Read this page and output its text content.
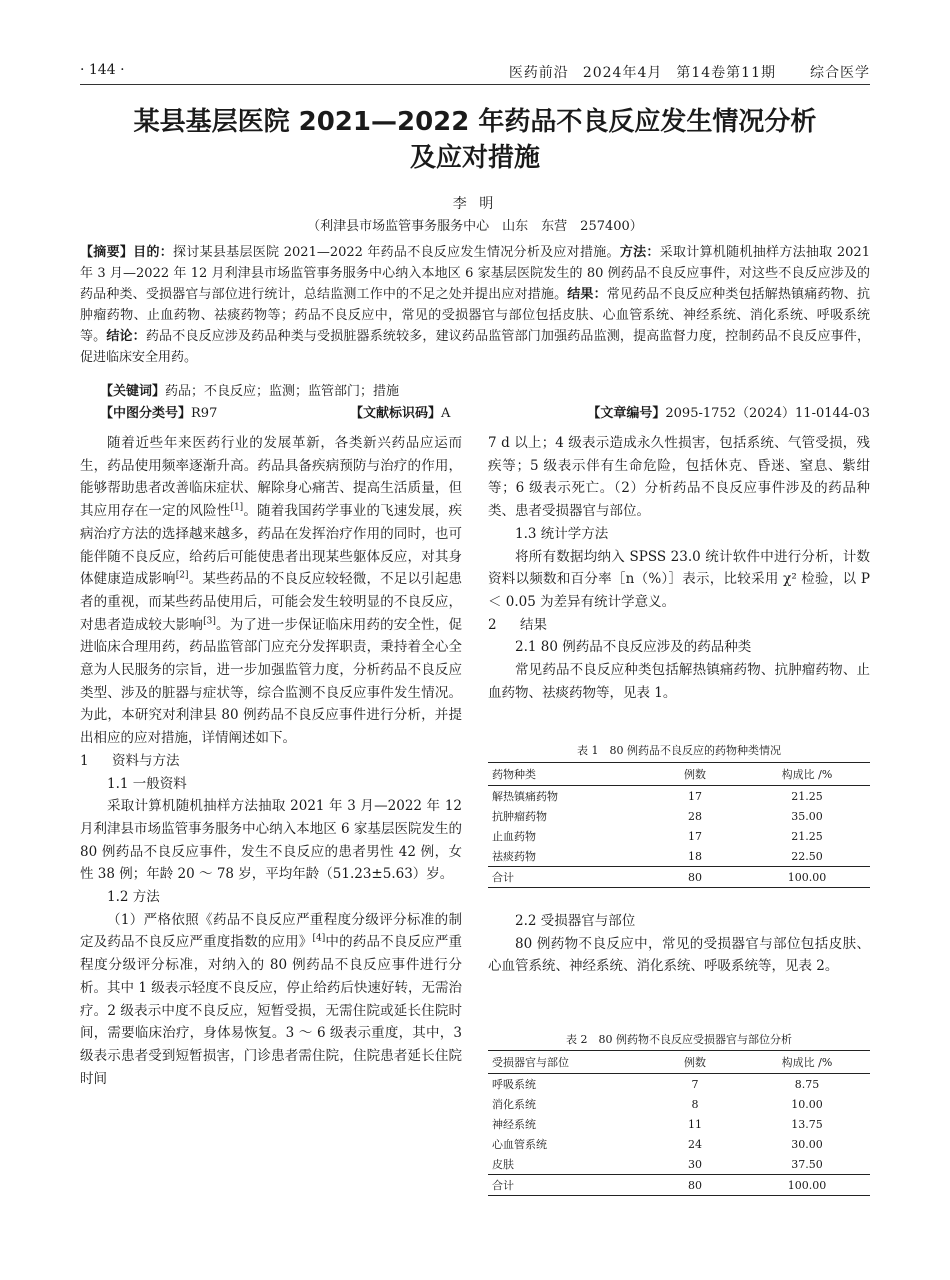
· 144 ·	医药前沿 2024年4月 第14卷第11期 综合医学
某县基层医院 2021—2022 年药品不良反应发生情况分析
及应对措施
李 明
（利津县市场监管事务服务中心　山东　东营　257400）
【摘要】目的：探讨某县基层医院 2021—2022 年药品不良反应发生情况分析及应对措施。方法：采取计算机随机抽样方法抽取 2021 年 3 月—2022 年 12 月利津县市场监管事务服务中心纳入本地区 6 家基层医院发生的 80 例药品不良反应事件，对这些不良反应涉及的药品种类、受损器官与部位进行统计，总结监测工作中的不足之处并提出应对措施。结果：常见药品不良反应种类包括解热镇痛药物、抗肿瘤药物、止血药物、祛痰药物等；药品不良反应中，常见的受损器官与部位包括皮肤、心血管系统、神经系统、消化系统、呼吸系统等。结论：药品不良反应涉及药品种类与受损脏器系统较多，建议药品监管部门加强药品监测，提高监督力度，控制药品不良反应事件，促进临床安全用药。
【关键词】药品；不良反应；监测；监管部门；措施
【中图分类号】R97	【文献标识码】A	【文章编号】2095-1752（2024）11-0144-03

随着近些年来医药行业的发展革新，各类新兴药品应运而生，药品使用频率逐渐升高。药品具备疾病预防与治疗的作用，能够帮助患者改善临床症状、解除身心痛苦、提高生活质量，但其应用存在一定的风险性[1]。随着我国药学事业的飞速发展，疾病治疗方法的选择越来越多，药品在发挥治疗作用的同时，也可能伴随不良反应，给药后可能使患者出现某些躯体反应，对其身体健康造成影响[2]。某些药品的不良反应较轻微，不足以引起患者的重视，而某些药品使用后，可能会发生较明显的不良反应，对患者造成较大影响[3]。为了进一步保证临床用药的安全性，促进临床合理用药，药品监管部门应充分发挥职责，秉持着全心全意为人民服务的宗旨，进一步加强监管力度，分析药品不良反应类型、涉及的脏器与症状等，综合监测不良反应事件发生情况。为此，本研究对利津县 80 例药品不良反应事件进行分析，并提出相应的应对措施，详情阐述如下。

1 资料与方法

1.1 一般资料

采取计算机随机抽样方法抽取 2021 年 3 月—2022 年 12 月利津县市场监管事务服务中心纳入本地区 6 家基层医院发生的 80 例药品不良反应事件，发生不良反应的患者男性 42 例，女性 38 例；年龄 20 ～ 78 岁，平均年龄（51.23±5.63）岁。

1.2 方法

（1）严格依照《药品不良反应严重程度分级评分标准的制定及药品不良反应严重度指数的应用》[4]中的药品不良反应严重程度分级评分标准，对纳入的 80 例药品不良反应事件进行分析。其中 1 级表示轻度不良反应，停止给药后快速好转，无需治疗。2 级表示中度不良反应，短暂受损，无需住院或延长住院时间，需要临床治疗，身体易恢复。3 ～ 6 级表示重度，其中，3 级表示患者受到短暂损害，门诊患者需住院，住院患者延长住院时间

7 d 以上；4 级表示造成永久性损害，包括系统、气管受损，残疾等；5 级表示伴有生命危险，包括休克、昏迷、窒息、紫绀等；6 级表示死亡。（2）分析药品不良反应事件涉及的药品种类、患者受损器官与部位。

1.3 统计学方法

将所有数据均纳入 SPSS 23.0 统计软件中进行分析，计数资料以频数和百分率［n（%）］表示，比较采用 χ² 检验，以 P ＜ 0.05 为差异有统计学意义。

2 结果

2.1 80 例药品不良反应涉及的药品种类

常见药品不良反应种类包括解热镇痛药物、抗肿瘤药物、止血药物、祛痰药物等，见表 1。

表 1　80 例药品不良反应的药物种类情况
药物种类	例数	构成比 /%
解热镇痛药物	17	21.25
抗肿瘤药物	28	35.00
止血药物	17	21.25
祛痰药物	18	22.50
合计	80	100.00

2.2 受损器官与部位

80 例药物不良反应中，常见的受损器官与部位包括皮肤、心血管系统、神经系统、消化系统、呼吸系统等，见表 2。

表 2　80 例药物不良反应受损器官与部位分析
受损器官与部位	例数	构成比 /%
呼吸系统	7	8.75
消化系统	8	10.00
神经系统	11	13.75
心血管系统	24	30.00
皮肤	30	37.50
合计	80	100.00
